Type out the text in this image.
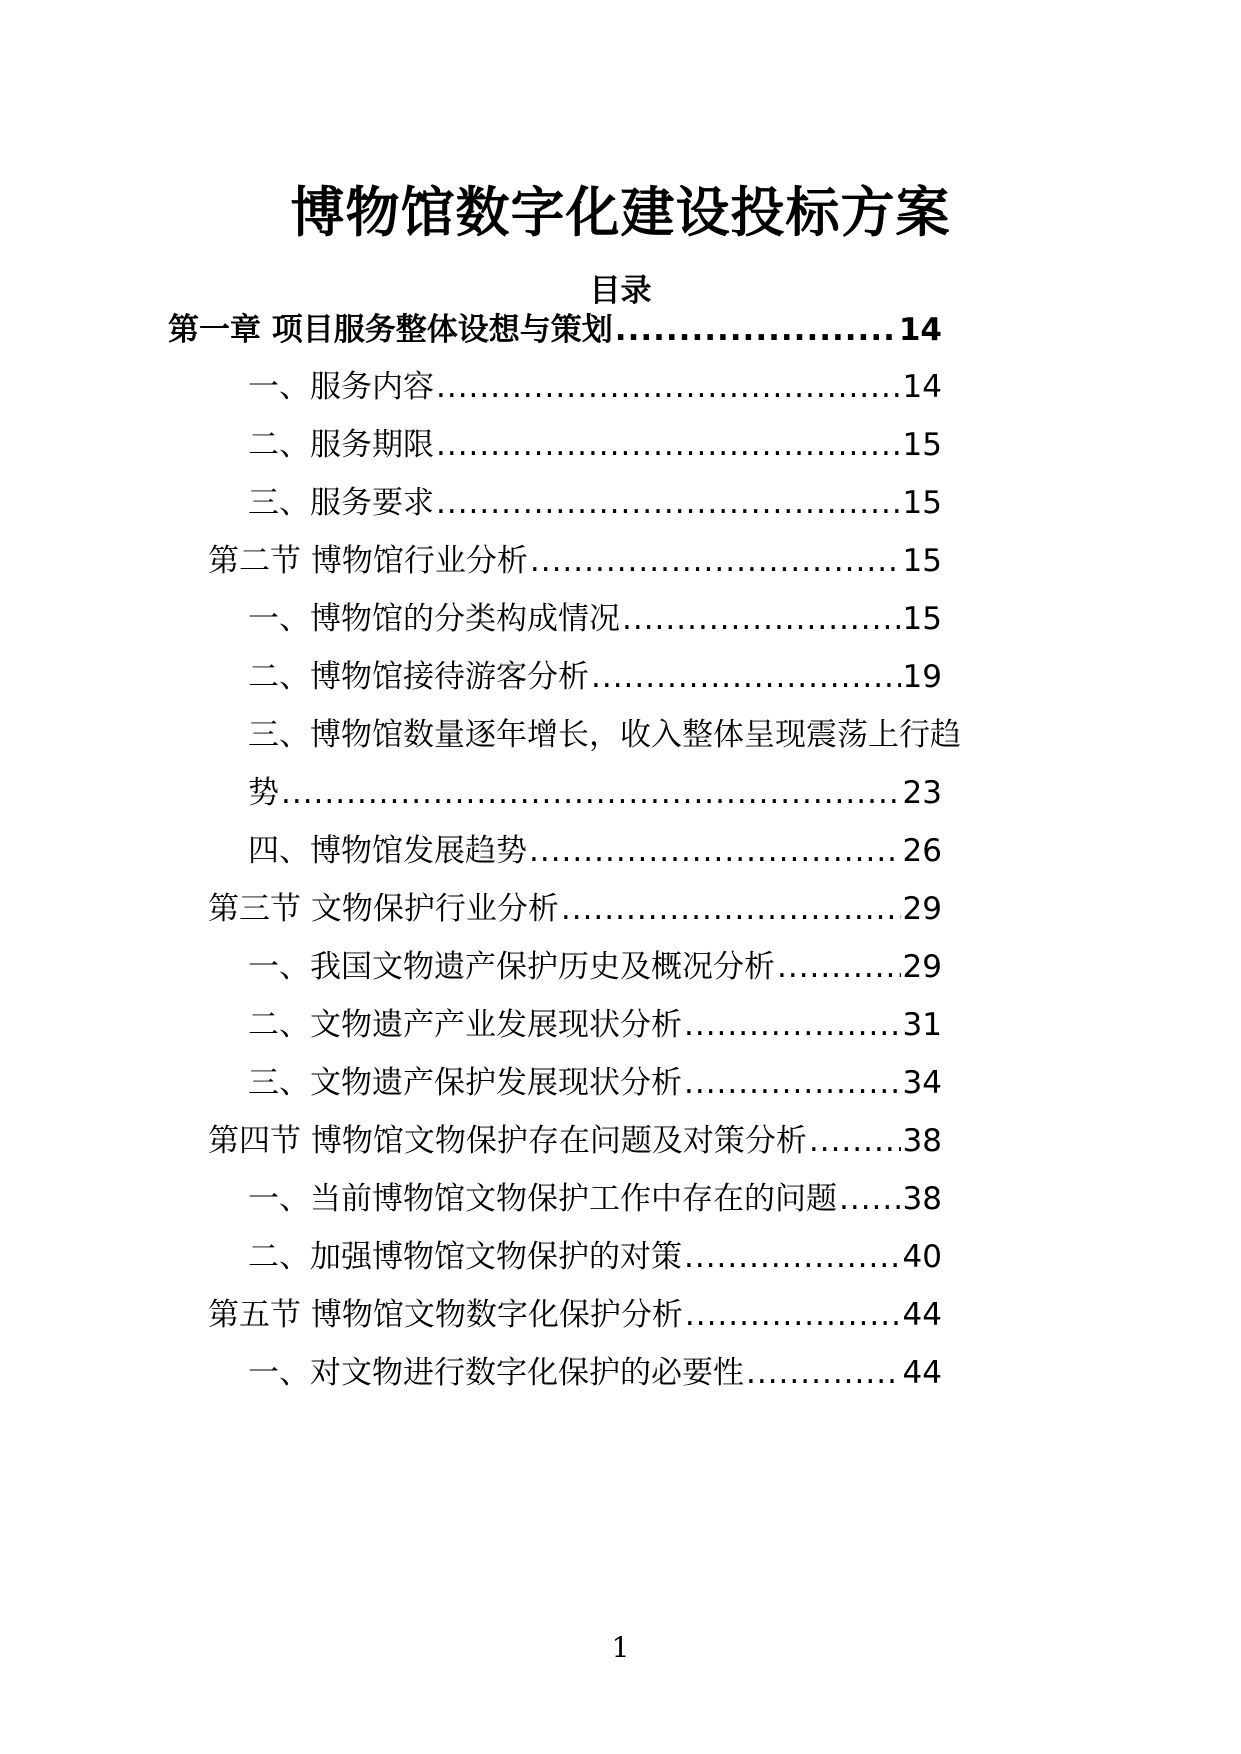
博物馆数字化建设投标方案
目录
第一章 项目服务整体设想与策划 .....	14
一、服务内容 .....	14
二、服务期限 .....	15
三、服务要求 .....	15
第二节 博物馆行业分析 .....	15
一、博物馆的分类构成情况 .....	15
二、博物馆接待游客分析 .....	19
三、博物馆数量逐年增长，收入整体呈现震荡上行趋
势 .....	23
四、博物馆发展趋势 .....	26
第三节 文物保护行业分析 .....	29
一、我国文物遗产保护历史及概况分析 .....	29
二、文物遗产产业发展现状分析 .....	31
三、文物遗产保护发展现状分析 .....	34
第四节 博物馆文物保护存在问题及对策分析 .....	38
一、当前博物馆文物保护工作中存在的问题 ..... 38
二、加强博物馆文物保护的对策 .....	40
第五节 博物馆文物数字化保护分析 .....	44
一、对文物进行数字化保护的必要性 .....	44
1
